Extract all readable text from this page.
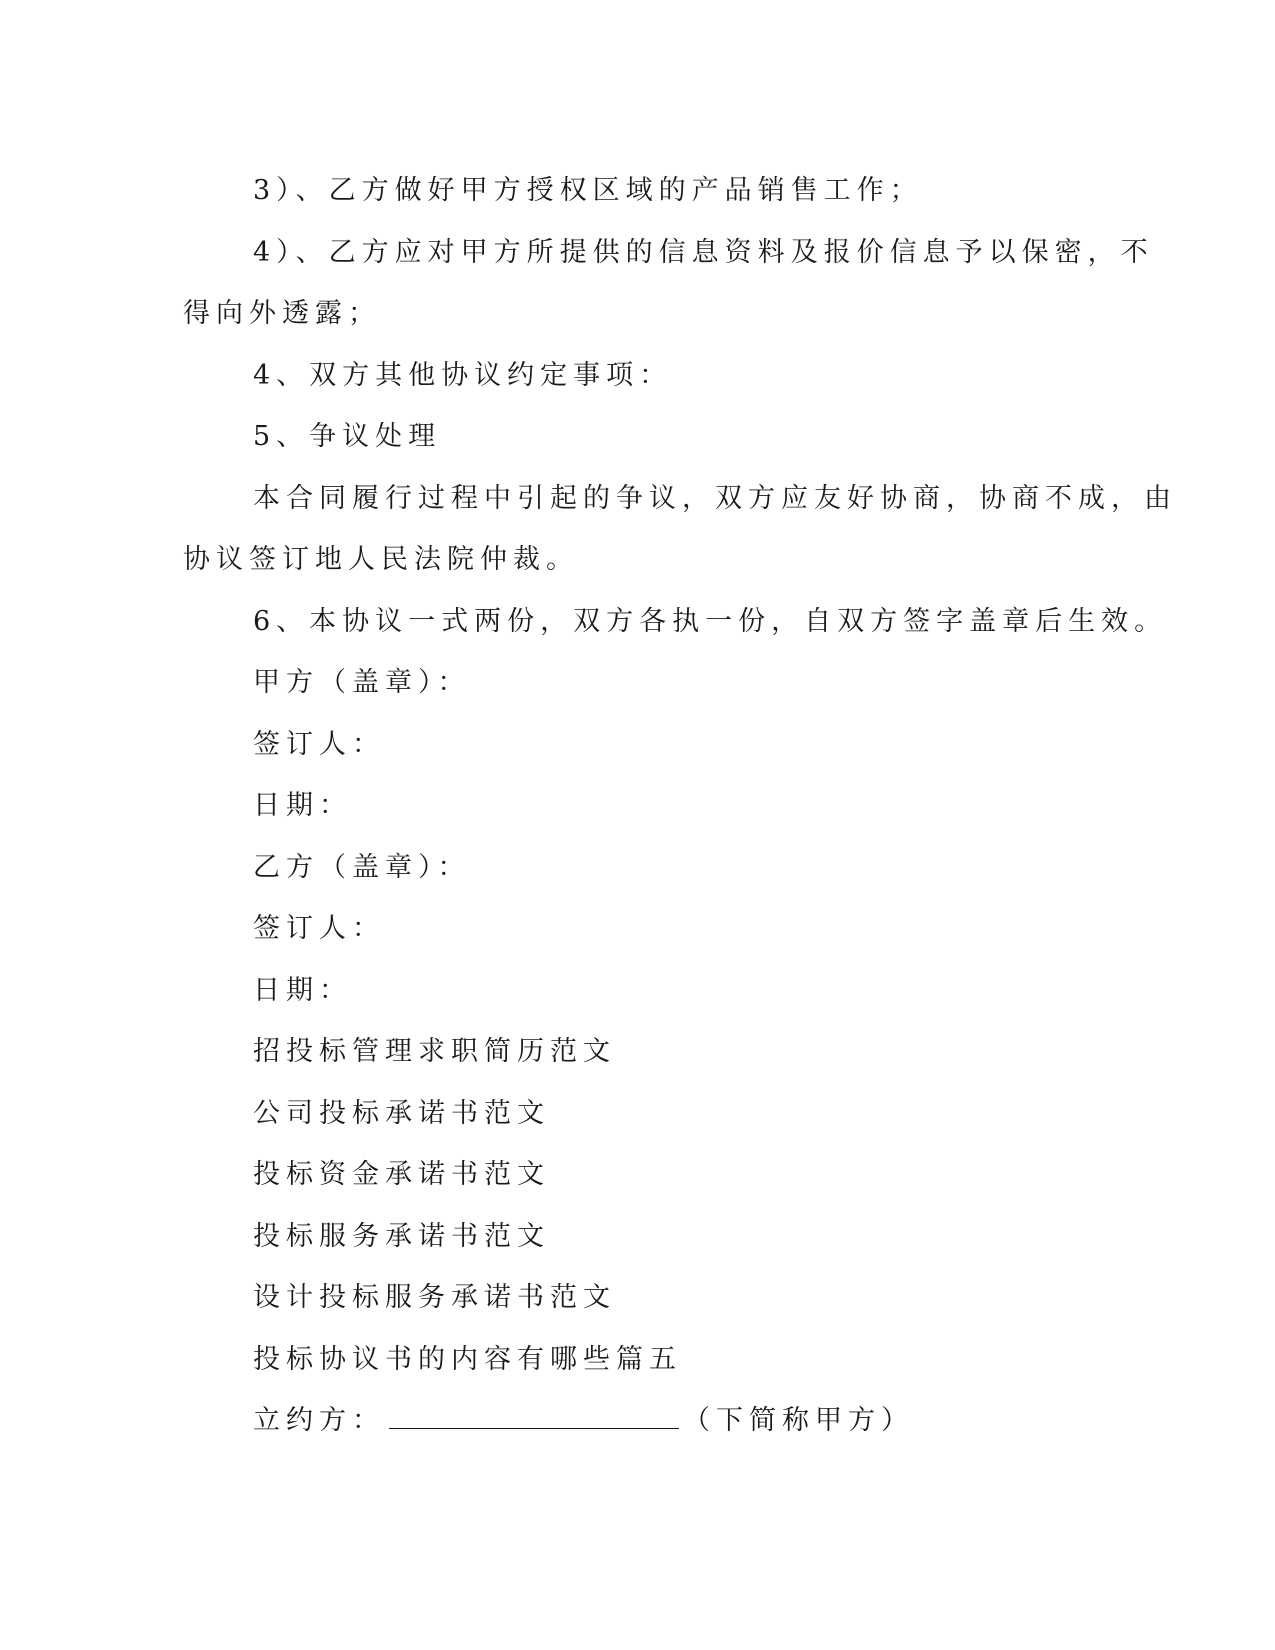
3）、乙方做好甲方授权区域的产品销售工作；
4）、乙方应对甲方所提供的信息资料及报价信息予以保密，不
得向外透露；
4、双方其他协议约定事项：
5、争议处理
本合同履行过程中引起的争议，双方应友好协商，协商不成，由
协议签订地人民法院仲裁。
6、本协议一式两份，双方各执一份，自双方签字盖章后生效。
甲方（盖章）：
签订人：
日期：
乙方（盖章）：
签订人：
日期：
招投标管理求职简历范文
公司投标承诺书范文
投标资金承诺书范文
投标服务承诺书范文
设计投标服务承诺书范文
投标协议书的内容有哪些篇五
立约方：	（下简称甲方）
